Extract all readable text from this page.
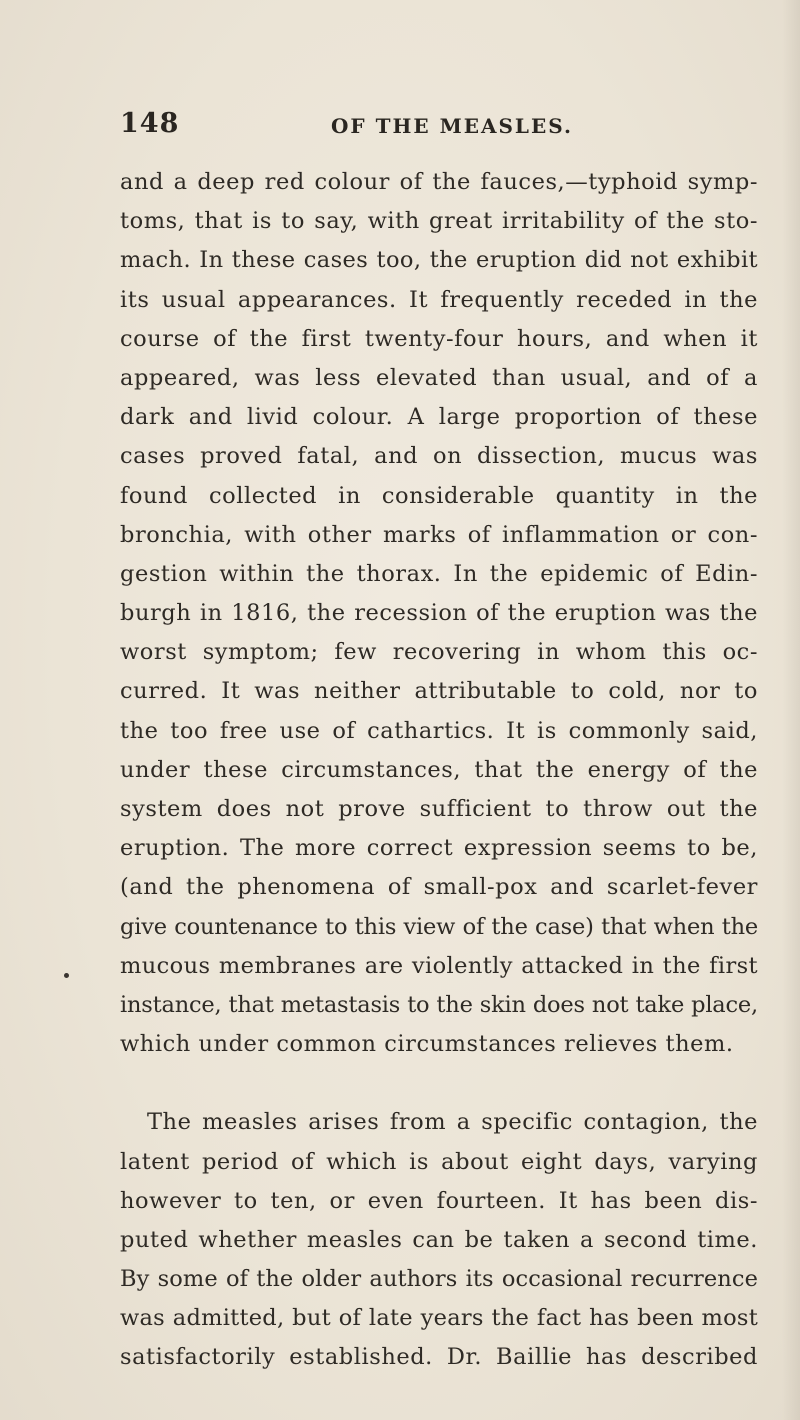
148	OF THE MEASLES.
and a deep red colour of the fauces,—typhoid symp-
toms, that is to say, with great irritability of the sto-
mach. In these cases too, the eruption did not exhibit
its usual appearances. It frequently receded in the
course of the first twenty-four hours, and when it
appeared, was less elevated than usual, and of a
dark and livid colour. A large proportion of these
cases proved fatal, and on dissection, mucus was
found collected in considerable quantity in the
bronchia, with other marks of inflammation or con-
gestion within the thorax. In the epidemic of Edin-
burgh in 1816, the recession of the eruption was the
worst symptom; few recovering in whom this oc-
curred. It was neither attributable to cold, nor to
the too free use of cathartics. It is commonly said,
under these circumstances, that the energy of the
system does not prove sufficient to throw out the
eruption. The more correct expression seems to be,
(and the phenomena of small-pox and scarlet-fever
give countenance to this view of the case) that when the
mucous membranes are violently attacked in the first
instance, that metastasis to the skin does not take place,
which under common circumstances relieves them.
The measles arises from a specific contagion, the
latent period of which is about eight days, varying
however to ten, or even fourteen. It has been dis-
puted whether measles can be taken a second time.
By some of the older authors its occasional recurrence
was admitted, but of late years the fact has been most
satisfactorily established. Dr. Baillie has described
